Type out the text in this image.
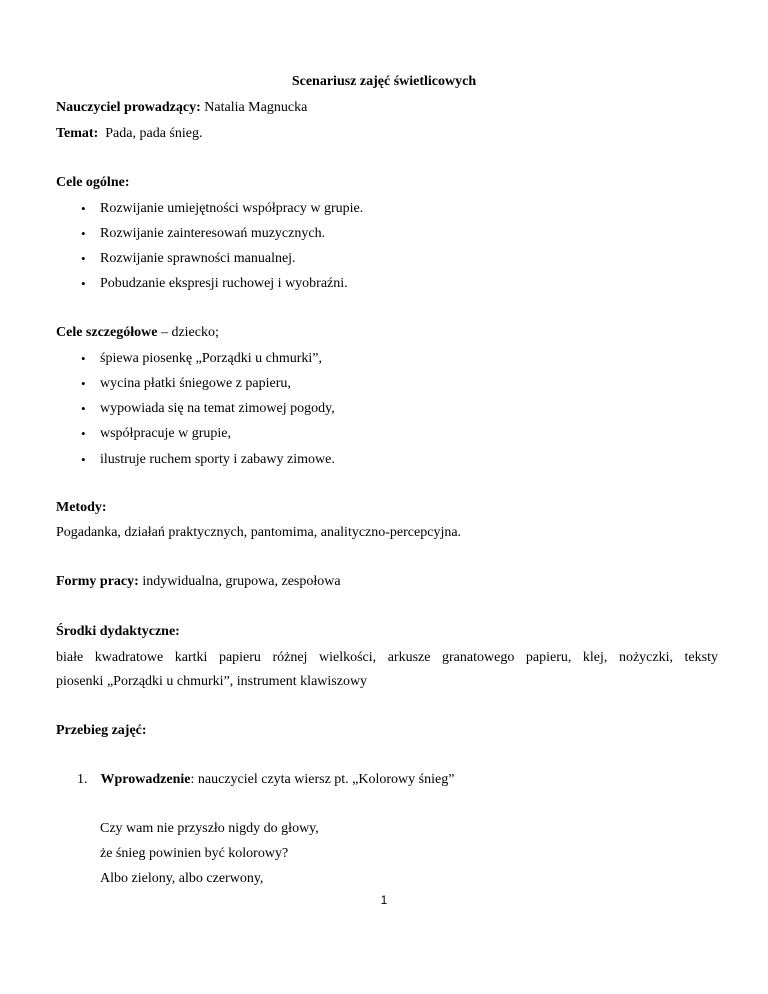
Scenariusz zajęć świetlicowych
Nauczyciel prowadzący: Natalia Magnucka
Temat: Pada, pada śnieg.
Cele ogólne:
• Rozwijanie umiejętności współpracy w grupie.
• Rozwijanie zainteresowań muzycznych.
• Rozwijanie sprawności manualnej.
• Pobudzanie ekspresji ruchowej i wyobraźni.
Cele szczegółowe – dziecko;
• śpiewa piosenkę „Porządki u chmurki”,
• wycina płatki śniegowe z papieru,
• wypowiada się na temat zimowej pogody,
• współpracuje w grupie,
• ilustruje ruchem sporty i zabawy zimowe.
Metody:
Pogadanka, działań praktycznych, pantomima, analityczno-percepcyjna.
Formy pracy: indywidualna, grupowa, zespołowa
Środki dydaktyczne:
białe kwadratowe kartki papieru różnej wielkości, arkusze granatowego papieru, klej, nożyczki, teksty
piosenki „Porządki u chmurki”, instrument klawiszowy
Przebieg zajęć:
1. Wprowadzenie: nauczyciel czyta wiersz pt. „Kolorowy śnieg”
Czy wam nie przyszło nigdy do głowy,
że śnieg powinien być kolorowy?
Albo zielony, albo czerwony,
1
